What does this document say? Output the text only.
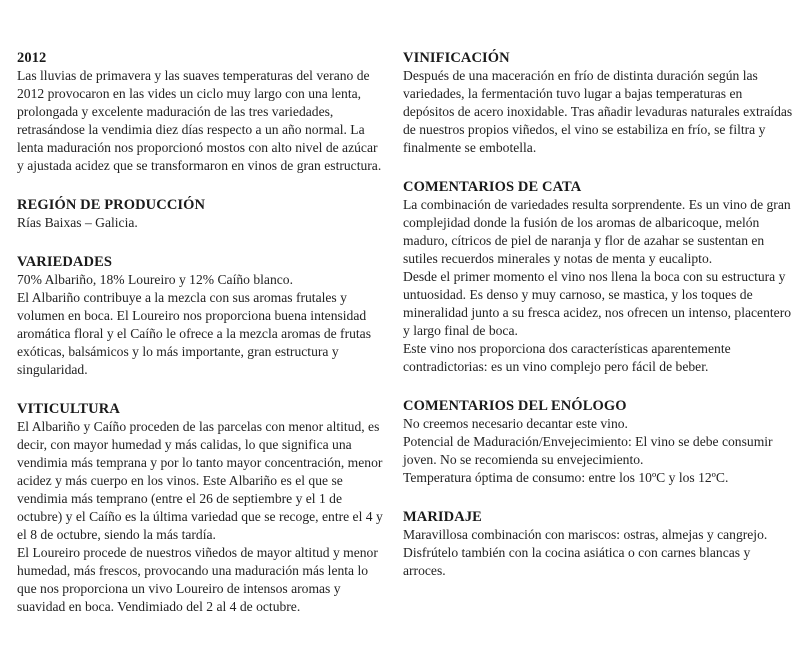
2012

Las lluvias de primavera y las suaves temperaturas del verano de 2012 provocaron en las vides un ciclo muy largo con una lenta, prolongada y excelente maduración de las tres variedades, retrasándose la vendimia diez días respecto a un año normal. La lenta maduración nos proporcionó mostos con alto nivel de azúcar y ajustada acidez que se transformaron en vinos de gran estructura.

REGIÓN DE PRODUCCIÓN

Rías Baixas – Galicia.

VARIEDADES

70% Albariño, 18% Loureiro y 12% Caíño blanco.

El Albariño contribuye a la mezcla con sus aromas frutales y volumen en boca. El Loureiro nos proporciona buena intensidad aromática floral y el Caíño le ofrece a la mezcla aromas de frutas exóticas, balsámicos y lo más importante, gran estructura y singularidad.

VITICULTURA

El Albariño y Caíño proceden de las parcelas con menor altitud, es decir, con mayor humedad y más calidas, lo que significa una vendimia más temprana y por lo tanto mayor concentración, menor acidez y más cuerpo en los vinos. Este Albariño es el que se vendimia más temprano (entre el 26 de septiembre y el 1 de octubre) y el Caíño es la última variedad que se recoge, entre el 4 y el 8 de octubre, siendo la más tardía.

El Loureiro procede de nuestros viñedos de mayor altitud y menor humedad, más frescos, provocando una maduración más lenta lo que nos proporciona un vivo Loureiro de intensos aromas y suavidad en boca. Vendimiado del 2 al 4 de octubre.

VINIFICACIÓN

Después de una maceración en frío de distinta duración según las variedades, la fermentación tuvo lugar a bajas temperaturas en depósitos de acero inoxidable. Tras añadir levaduras naturales extraídas de nuestros propios viñedos, el vino se estabiliza en frío, se filtra y finalmente se embotella.

COMENTARIOS DE CATA

La combinación de variedades resulta sorprendente. Es un vino de gran complejidad donde la fusión de los aromas de albaricoque, melón maduro, cítricos de piel de naranja y flor de azahar se sustentan en sutiles recuerdos minerales y notas de menta y eucalipto.

Desde el primer momento el vino nos llena la boca con su estructura y untuosidad. Es denso y muy carnoso, se mastica, y los toques de mineralidad junto a su fresca acidez, nos ofrecen un intenso, placentero y largo final de boca.

Este vino nos proporciona dos características aparentemente contradictorias: es un vino complejo pero fácil de beber.

COMENTARIOS DEL ENÓLOGO

No creemos necesario decantar este vino.

Potencial de Maduración/Envejecimiento: El vino se debe consumir joven. No se recomienda su envejecimiento.

Temperatura óptima de consumo: entre los 10ºC y los 12ºC.

MARIDAJE

Maravillosa combinación con mariscos: ostras, almejas y cangrejo. Disfrútelo también con la cocina asiática o con carnes blancas y arroces.
